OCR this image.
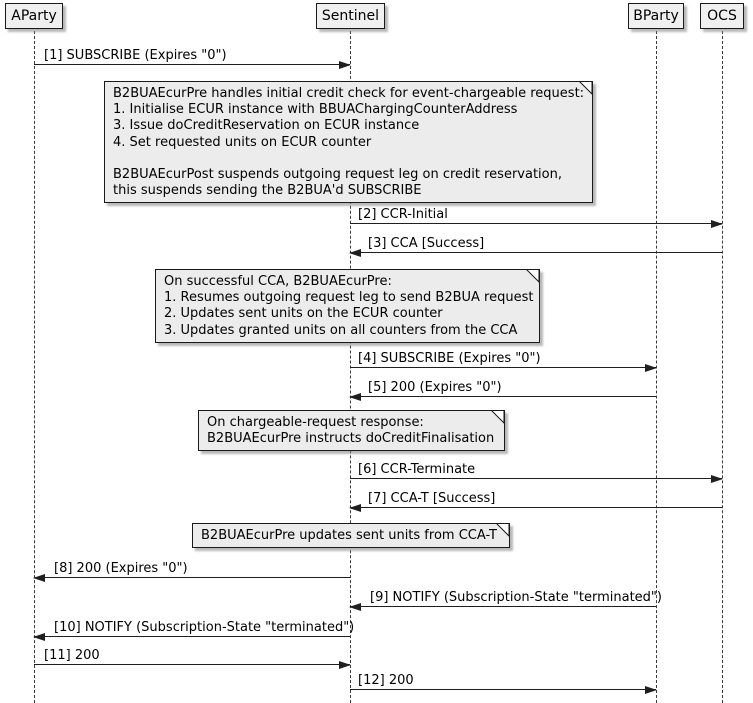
AParty	Sentinel	BParty OCS
[1] SUBSCRIBE (Expires "0")
[2] CCR-Initial
[3] CCA [Success]
[4] SUBSCRIBE (Expires "0")
[5] 200 (Expires "0")
[6] CCR-Terminate
[7] CCA-T [Success]
[8] 200 (Expires "0")
[9] NOTIFY (Subscription-State "terminated")
[10] NOTIFY (Subscription-State "terminated")
[11] 200
[12] 200
B2BUAEcurPre handles initial credit check for event-chargeable request:
1. Initialise ECUR instance with BBUAChargingCounterAddress
3. Issue doCreditReservation on ECUR instance
4. Set requested units on ECUR counter
B2BUAEcurPost suspends outgoing request leg on credit reservation,
this suspends sending the B2BUA'd SUBSCRIBE
On successful CCA, B2BUAEcurPre:
1. Resumes outgoing request leg to send B2BUA request
2. Updates sent units on the ECUR counter
3. Updates granted units on all counters from the CCA
On chargeable-request response:
B2BUAEcurPre instructs doCreditFinalisation
B2BUAEcurPre updates sent units from CCA-T
